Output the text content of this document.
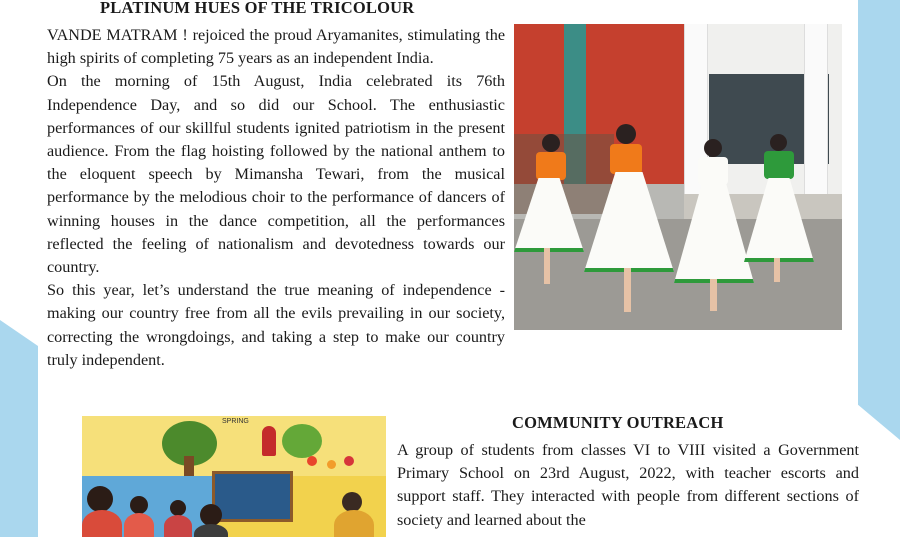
PLATINUM HUES OF THE TRICOLOUR

VANDE MATRAM ! rejoiced the proud Aryamanites, stimulating the high spirits of completing 75 years as an independent India.

On the morning of 15th August, India celebrated its 76th Independence Day, and so did our School. The enthusiastic performances of our skillful students ignited patriotism in the present audience. From the flag hoisting followed by the national anthem to the eloquent speech by Mimansha Tewari, from the musical performance by the melodious choir to the performance of dancers of winning houses in the dance competition, all the performances reflected the feeling of nationalism and devotedness towards our country.

So this year, let’s understand the true meaning of independence - making our country free from all the evils prevailing in our society, correcting the wrongdoings, and taking a step to make our country truly independent.

COMMUNITY OUTREACH

A group of students from classes VI to VIII visited a Government Primary School on 23rd August, 2022, with teacher escorts and support staff. They interacted with people from different sections of society and learned about the

SPRING
